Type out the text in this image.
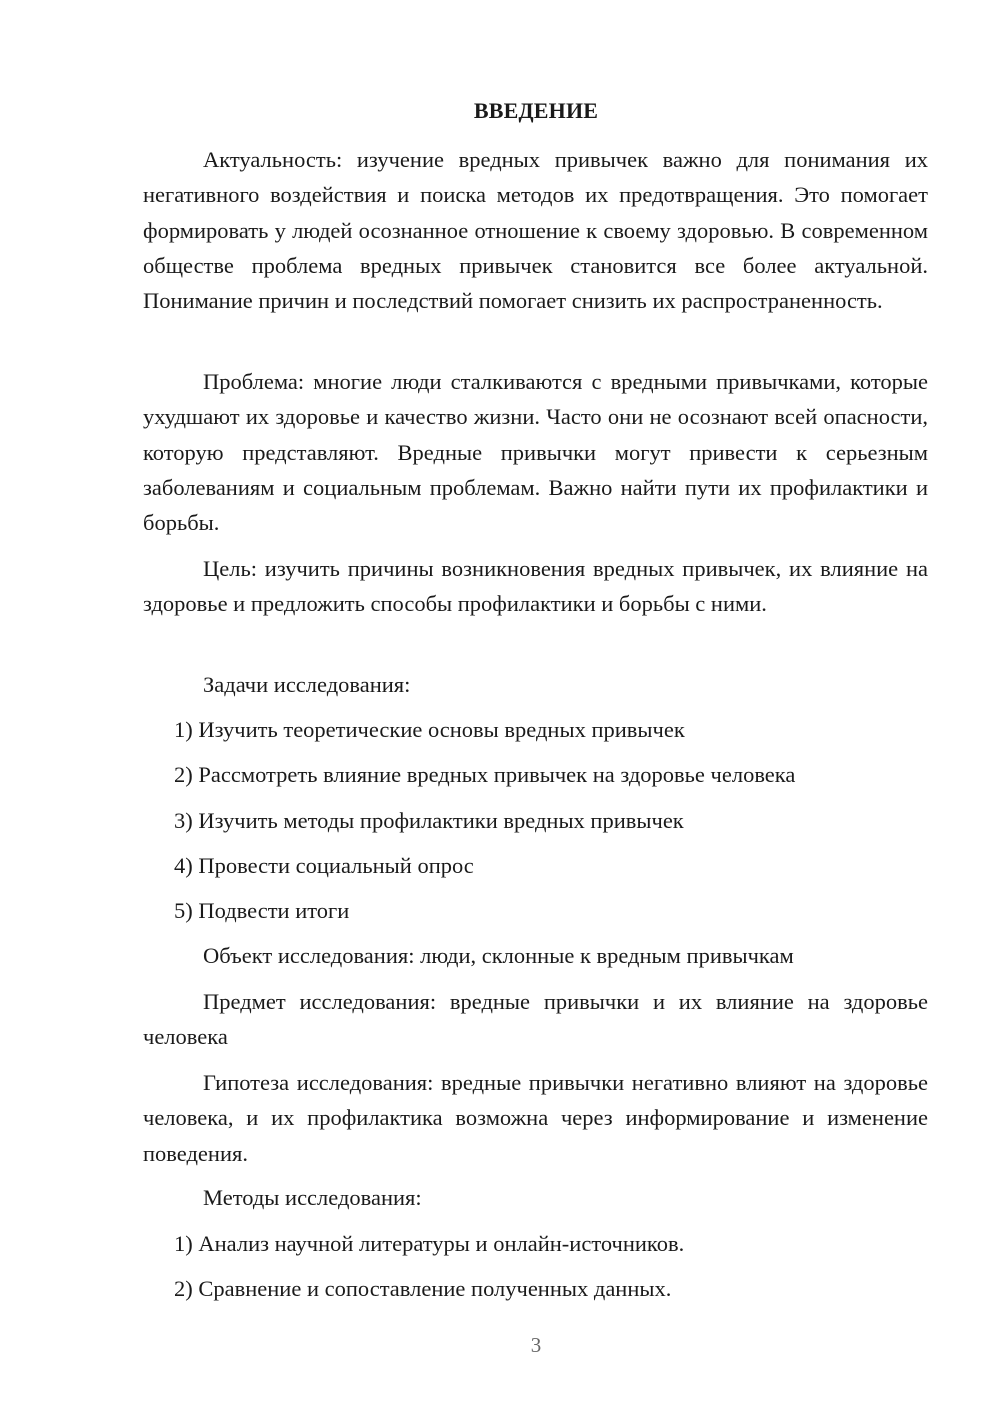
ВВЕДЕНИЕ

Актуальность: изучение вредных привычек важно для понимания их негативного воздействия и поиска методов их предотвращения. Это помогает формировать у людей осознанное отношение к своему здоровью. В современном обществе проблема вредных привычек становится все более актуальной. Понимание причин и последствий помогает снизить их распространенность.

Проблема: многие люди сталкиваются с вредными привычками, которые ухудшают их здоровье и качество жизни. Часто они не осознают всей опасности, которую представляют. Вредные привычки могут привести к серьезным заболеваниям и социальным проблемам. Важно найти пути их профилактики и борьбы.

Цель: изучить причины возникновения вредных привычек, их влияние на здоровье и предложить способы профилактики и борьбы с ними.

Задачи исследования:
1) Изучить теоретические основы вредных привычек
2) Рассмотреть влияние вредных привычек на здоровье человека
3) Изучить методы профилактики вредных привычек
4) Провести социальный опрос
5) Подвести итоги
Объект исследования: люди, склонные к вредным привычкам

Предмет исследования: вредные привычки и их влияние на здоровье человека

Гипотеза исследования: вредные привычки негативно влияют на здоровье человека, и их профилактика возможна через информирование и изменение поведения.

Методы исследования:
1) Анализ научной литературы и онлайн-источников.
2) Сравнение и сопоставление полученных данных.
3
